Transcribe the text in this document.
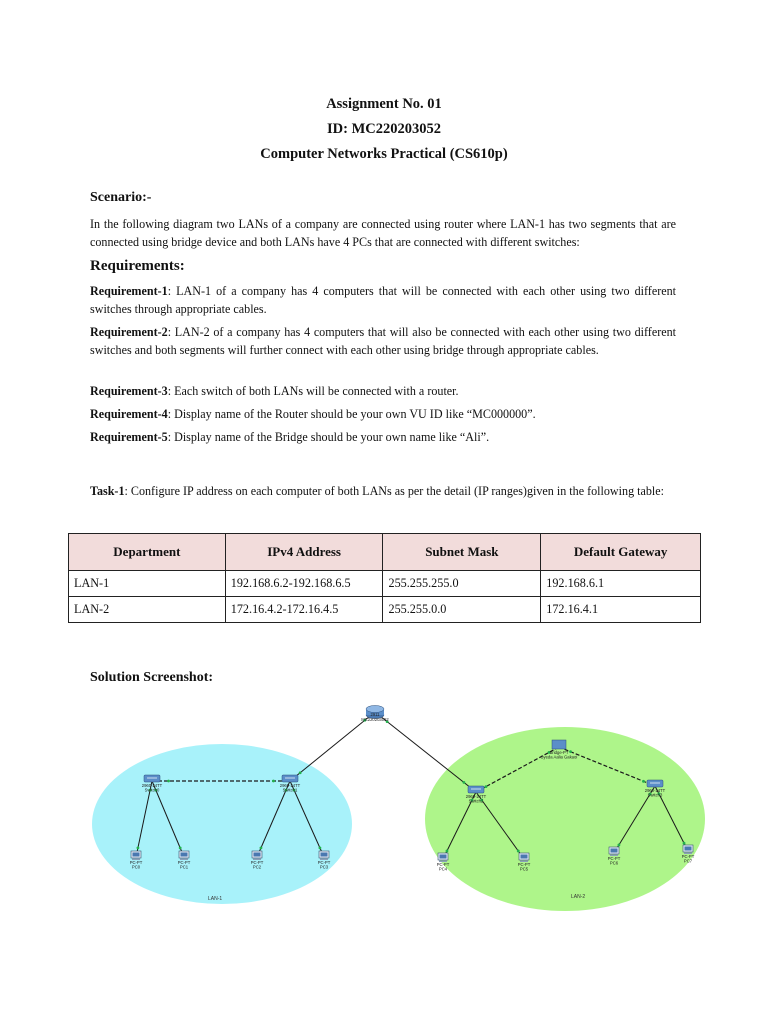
Assignment No. 01
ID: MC220203052
Computer Networks Practical (CS610p)
Scenario:-
In the following diagram two LANs of a company are connected using router where LAN-1 has two segments that are connected using bridge device and both LANs have 4 PCs that are connected with different switches:
Requirements:
Requirement-1: LAN-1 of a company has 4 computers that will be connected with each other using two different switches through appropriate cables.
Requirement-2: LAN-2 of a company has 4 computers that will also be connected with each other using two different switches and both segments will further connect with each other using bridge through appropriate cables.
Requirement-3: Each switch of both LANs will be connected with a router.
Requirement-4: Display name of the Router should be your own VU ID like “MC000000”.
Requirement-5: Display name of the Bridge should be your own name like “Ali”.
Task-1: Configure IP address on each computer of both LANs as per the detail (IP ranges)given in the following table:
Department	IPv4 Address	Subnet Mask	Default Gateway
LAN-1	192.168.6.2-192.168.6.5	255.255.255.0	192.168.6.1
LAN-2	172.16.4.2-172.16.4.5	255.255.0.0	172.16.4.1
Solution Screenshot:
2911
MC220203052
Bridge-PT
Syeda Aalia Gakaoi
2960-24TT
Switch0
2960-24TT
Switch1
2960-24TT
Switch2
2960-24TT
Switch3
PC-PT
PC0
PC-PT
PC1
PC-PT
PC2
PC-PT
PC3	PC-PT
PC4
PC-PT
PC5
PC-PT
PC6
PC-PT
PC7
LAN-1	LAN-2
